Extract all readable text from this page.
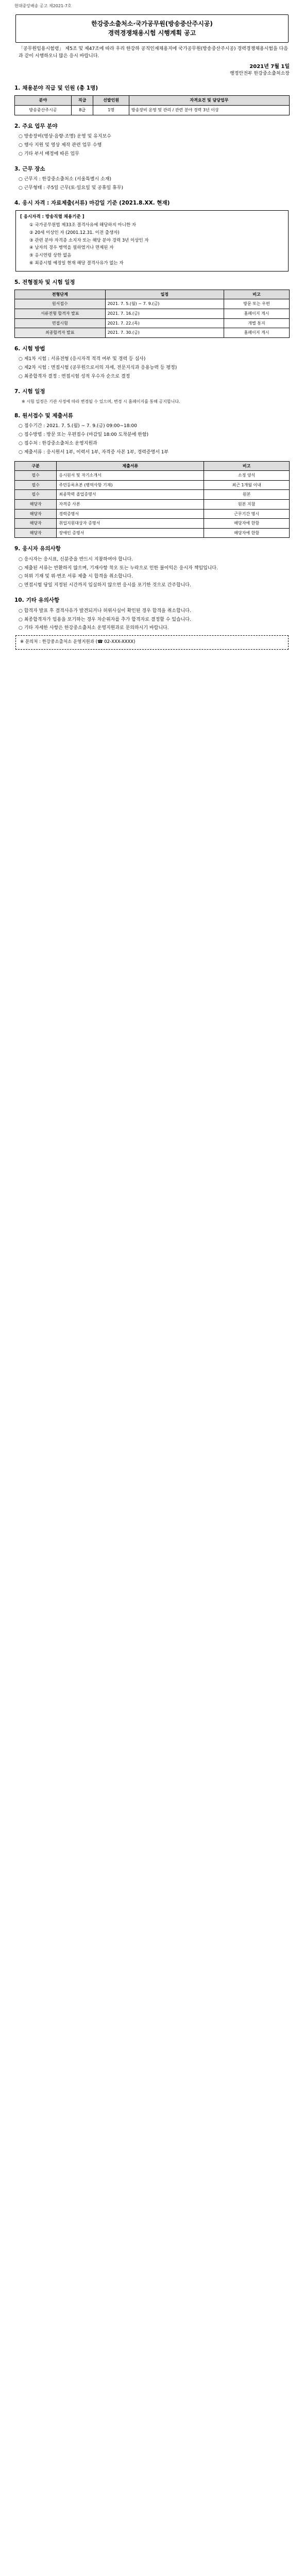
현대중앙배송 공고 제2021-7호

한강중소출처소·국가공무원(방송중산주시공)

경력경쟁채용시험 시행계획 공고

「공무원임용시험령」 제5조 및 제47조에 따라 우리 한강하 공직인재채용지에 국가공무원(방송중산주시공) 경력경쟁채용시험을 다음과 같이 시행하오니 많은 응시 바랍니다.

2021년 7월 1일
행정안전부 한강중소출처소장
1. 채용분야 직급 및 인원 (총 1명)
분야	직급	선발인원	자격요건 및 담당업무
방송중산주시공	8급	1명	방송장비 운영 및 관리 / 관련 분야 경력 3년 이상
2. 주요 업무 분야

○ 방송장비(영상·음향·조명) 운영 및 유지보수

○ 행사 지원 및 영상 제작 관련 업무 수행

○ 기타 부서 배정에 따른 업무

3. 근무 장소

○ 근무지 : 한강중소출처소 (서울특별시 소재)

○ 근무형태 : 주5일 근무(토·일요일 및 공휴일 휴무)

4. 응시 자격 : 자료제출(서류) 마감일 기준 (2021.8.XX. 현재)
[ 응시자격 : 방송직렬 채용기준 ]

① 국가공무원법 제33조 결격사유에 해당하지 아니한 자

② 20세 이상인 자 (2001.12.31. 이전 출생자)

③ 관련 분야 자격증 소지자 또는 해당 분야 경력 3년 이상인 자

④ 남자의 경우 병역을 필하였거나 면제된 자

⑤ 응시연령 상한 없음

⑥ 최종시험 예정일 현재 해당 결격사유가 없는 자

5. 전형절차 및 시험 일정
전형단계	일정	비고
원서접수	2021. 7. 5.(월) ~ 7. 9.(금)	방문 또는 우편
서류전형 합격자 발표	2021. 7. 16.(금)	홈페이지 게시
면접시험	2021. 7. 22.(목)	개별 통지
최종합격자 발표	2021. 7. 30.(금)	홈페이지 게시
6. 시험 방법

○ 제1차 시험 : 서류전형 (응시자격 적격 여부 및 경력 등 심사)

○ 제2차 시험 : 면접시험 (공무원으로서의 자세, 전문지식과 응용능력 등 평정)

○ 최종합격자 결정 : 면접시험 성적 우수자 순으로 결정

7. 시험 일정

※ 시험 일정은 기관 사정에 따라 변경될 수 있으며, 변경 시 홈페이지를 통해 공지합니다.

8. 원서접수 및 제출서류

○ 접수기간 : 2021. 7. 5.(월) ~ 7. 9.(금) 09:00~18:00

○ 접수방법 : 방문 또는 우편접수 (마감일 18:00 도착분에 한함)

○ 접수처 : 한강중소출처소 운영지원과

○ 제출서류 : 응시원서 1부, 이력서 1부, 자격증 사본 1부, 경력증명서 1부

구분	제출서류	비고
필수	응시원서 및 자기소개서	소정 양식
필수	주민등록초본 (병역사항 기재)	최근 1개월 이내
필수	최종학력 졸업증명서	원본
해당자	자격증 사본	원본 지참
해당자	경력증명서	근무기간 명시
해당자	취업지원대상자 증명서	해당자에 한함
해당자	장애인 증명서	해당자에 한함
9. 응시자 유의사항

○ 응시자는 응시표, 신분증을 반드시 지참하여야 합니다.

○ 제출된 서류는 반환하지 않으며, 기재사항 착오 또는 누락으로 인한 불이익은 응시자 책임입니다.

○ 허위 기재 및 위·변조 서류 제출 시 합격을 취소합니다.

○ 면접시험 당일 지정된 시간까지 입실하지 않으면 응시를 포기한 것으로 간주합니다.

10. 기타 유의사항

○ 합격자 발표 후 결격사유가 발견되거나 허위사실이 확인된 경우 합격을 취소합니다.

○ 최종합격자가 임용을 포기하는 경우 차순위자를 추가 합격자로 결정할 수 있습니다.

○ 기타 자세한 사항은 한강중소출처소 운영지원과로 문의하시기 바랍니다.

※ 문의처 : 한강중소출처소 운영지원과 (☎ 02-XXX-XXXX)
